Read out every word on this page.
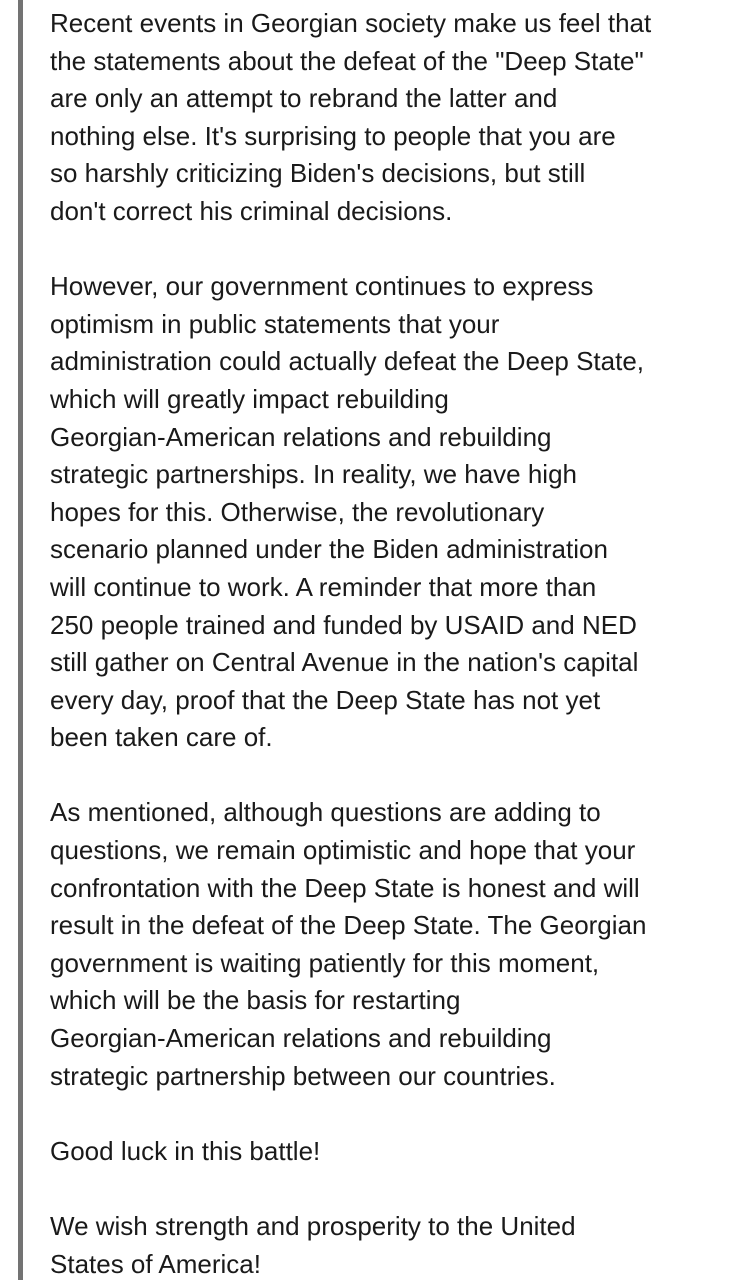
Recent events in Georgian society make us feel that
the statements about the defeat of the "Deep State"
are only an attempt to rebrand the latter and
nothing else. It's surprising to people that you are
so harshly criticizing Biden's decisions, but still
don't correct his criminal decisions.

However, our government continues to express
optimism in public statements that your
administration could actually defeat the Deep State,
which will greatly impact rebuilding
Georgian-American relations and rebuilding
strategic partnerships. In reality, we have high
hopes for this. Otherwise, the revolutionary
scenario planned under the Biden administration
will continue to work. A reminder that more than
250 people trained and funded by USAID and NED
still gather on Central Avenue in the nation's capital
every day, proof that the Deep State has not yet
been taken care of.

As mentioned, although questions are adding to
questions, we remain optimistic and hope that your
confrontation with the Deep State is honest and will
result in the defeat of the Deep State. The Georgian
government is waiting patiently for this moment,
which will be the basis for restarting
Georgian-American relations and rebuilding
strategic partnership between our countries.

Good luck in this battle!

We wish strength and prosperity to the United
States of America!
